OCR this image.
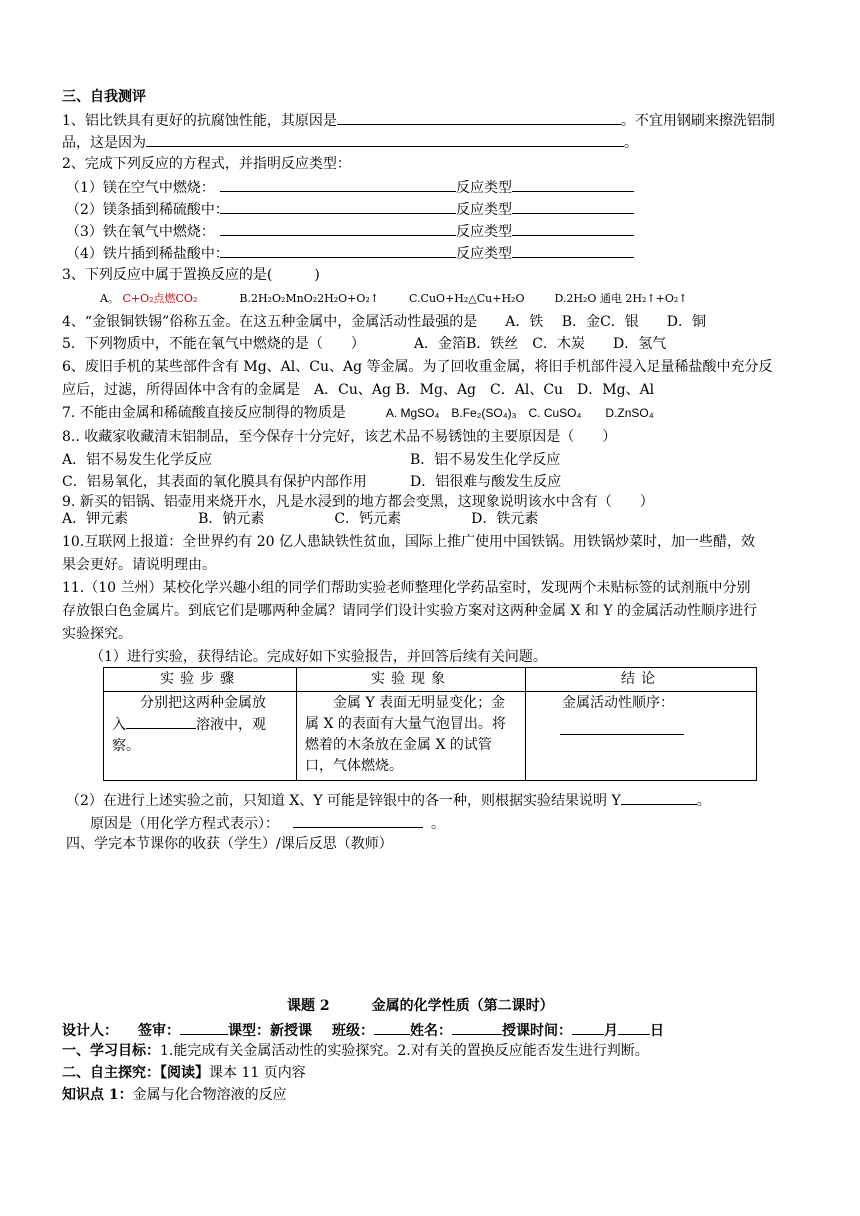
三、自我测评
1、铝比铁具有更好的抗腐蚀性能，其原因是	。不宜用钢刷来擦洗铝制
品，这是因为	。
2、完成下列反应的方程式，并指明反应类型：
（1）镁在空气中燃烧：	反应类型
（2）镁条插到稀硫酸中：	反应类型
（3）铁在氧气中燃烧：	反应类型
（4）铁片插到稀盐酸中：	反应类型
3、下列反应中属于置换反应的是(　　　)
A。 C+O₂点燃CO₂	B.2H₂O₂MnO₂2H₂O+O₂↑	C.CuO+H₂△Cu+H₂O	D.2H₂O 通电 2H₂↑+O₂↑
4、“金银铜铁锡”俗称五金。在这五种金属中，金属活动性最强的是　　A．铁　 B．金C．银　　D．铜
5．下列物质中，不能在氧气中燃烧的是（　　）　　　　A．金箔B．铁丝　C．木炭　　D．氢气
6、废旧手机的某些部件含有 Mg、Al、Cu、Ag 等金属。为了回收重金属，将旧手机部件浸入足量稀盐酸中充分反
应后，过滤，所得固体中含有的金属是　A．Cu、Ag B．Mg、Ag　C．Al、Cu　D．Mg、Al
7. 不能由金属和稀硫酸直接反应制得的物质是	A. MgSO₄　B.Fe₂(SO₄)₃　C. CuSO₄　　D.ZnSO₄
8.. 收藏家收藏清末铝制品，至今保存十分完好，该艺术品不易锈蚀的主要原因是（　　）
A．铝不易发生化学反应	B．铝不易发生化学反应
C．铝易氧化，其表面的氧化膜具有保护内部作用	D．铝很难与酸发生反应
9. 新买的铝锅、铝壶用来烧开水，凡是水浸到的地方都会变黑，这现象说明该水中含有（　　）
A．钾元素　　　　　B．钠元素　　　　　C．钙元素　　　　　D．铁元素
10.互联网上报道：全世界约有 20 亿人患缺铁性贫血，国际上推广使用中国铁锅。用铁锅炒菜时，加一些醋，效
果会更好。请说明理由。
11.（10 兰州）某校化学兴趣小组的同学们帮助实验老师整理化学药品室时，发现两个未贴标签的试剂瓶中分别
存放银白色金属片。到底它们是哪两种金属？请同学们设计实验方案对这两种金属 X 和 Y 的金属活动性顺序进行
实验探究。
（1）进行实验，获得结论。完成好如下实验报告，并回答后续有关问题。
实验步骤	实验现象	结论

分别把这两种金属放
入 溶液中，观察。	金属 Y 表面无明显变化；金属 X 的表面有大量气泡冒出。将燃着的木条放在金属 X 的试管口，气体燃烧。	金属活动性顺序：
（2）在进行上述实验之前，只知道 X、Y 可能是锌银中的各一种，则根据实验结果说明 Y	。
原因是（用化学方程式表示）：	。
四、学完本节课你的收获（学生）/课后反思（教师）
课题 2　　　金属的化学性质（第二课时）
设计人： 签审：	课型：新授课 班级：	姓名：	授课时间： 月 日
一、学习目标：1.能完成有关金属活动性的实验探究。2.对有关的置换反应能否发生进行判断。
二、自主探究：【阅读】课本 11 页内容
知识点 1：金属与化合物溶液的反应
